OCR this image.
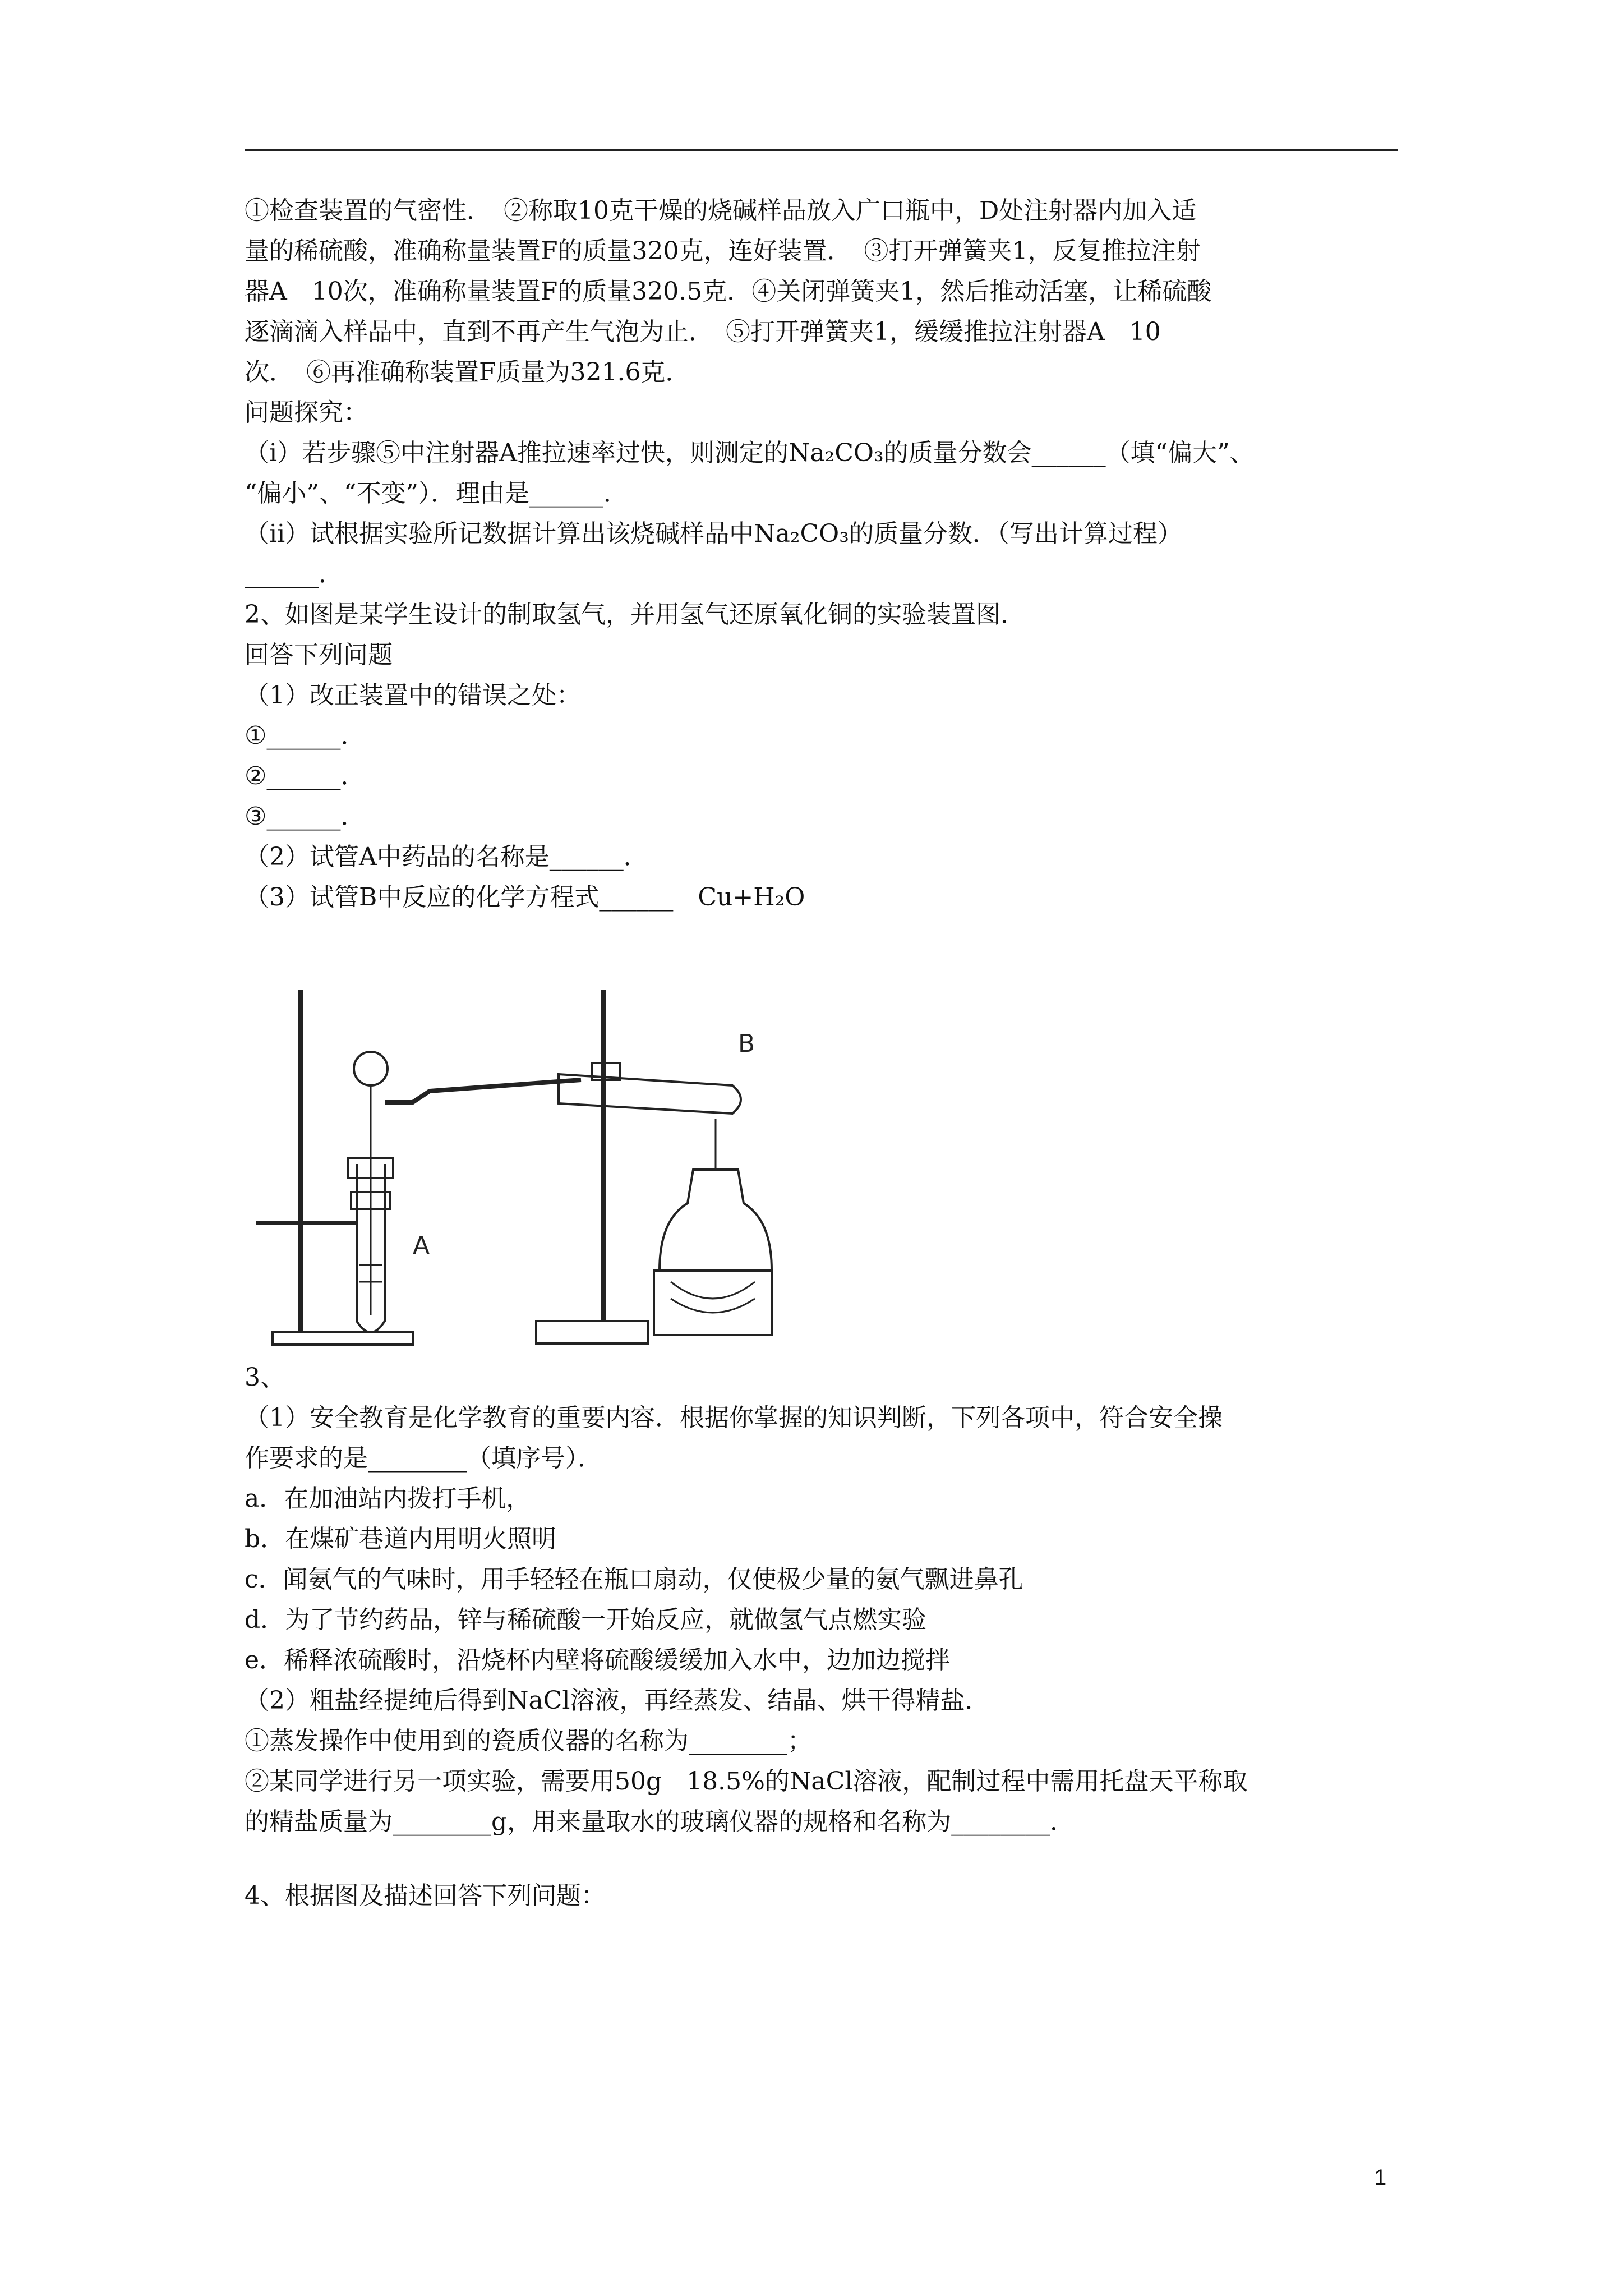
①检查装置的气密性．　②称取10克干燥的烧碱样品放入广口瓶中，D处注射器内加入适
量的稀硫酸，准确称量装置F的质量320克，连好装置．　③打开弹簧夹1，反复推拉注射
器A　10次，准确称量装置F的质量320.5克．④关闭弹簧夹1，然后推动活塞，让稀硫酸
逐滴滴入样品中，直到不再产生气泡为止．　⑤打开弹簧夹1，缓缓推拉注射器A　10
次．　⑥再准确称装置F质量为321.6克．
问题探究：
（i）若步骤⑤中注射器A推拉速率过快，则测定的Na₂CO₃的质量分数会______（填“偏大”、
“偏小”、“不变”）．理由是______．
（ii）试根据实验所记数据计算出该烧碱样品中Na₂CO₃的质量分数．（写出计算过程）
______．
2、如图是某学生设计的制取氢气，并用氢气还原氧化铜的实验装置图．
回答下列问题
（1）改正装置中的错误之处：
①______．
②______．
③______．
（2）试管A中药品的名称是______．
（3）试管B中反应的化学方程式______　Cu+H₂O
A
B
3、
（1）安全教育是化学教育的重要内容．根据你掌握的知识判断，下列各项中，符合安全操
作要求的是________（填序号）．
a．在加油站内拨打手机，
b．在煤矿巷道内用明火照明
c．闻氨气的气味时，用手轻轻在瓶口扇动，仅使极少量的氨气飘进鼻孔
d．为了节约药品，锌与稀硫酸一开始反应，就做氢气点燃实验
e．稀释浓硫酸时，沿烧杯内壁将硫酸缓缓加入水中，边加边搅拌
（2）粗盐经提纯后得到NaCl溶液，再经蒸发、结晶、烘干得精盐．
①蒸发操作中使用到的瓷质仪器的名称为________；
②某同学进行另一项实验，需要用50g　18.5%的NaCl溶液，配制过程中需用托盘天平称取
的精盐质量为________g，用来量取水的玻璃仪器的规格和名称为________．
4、根据图及描述回答下列问题：
1
